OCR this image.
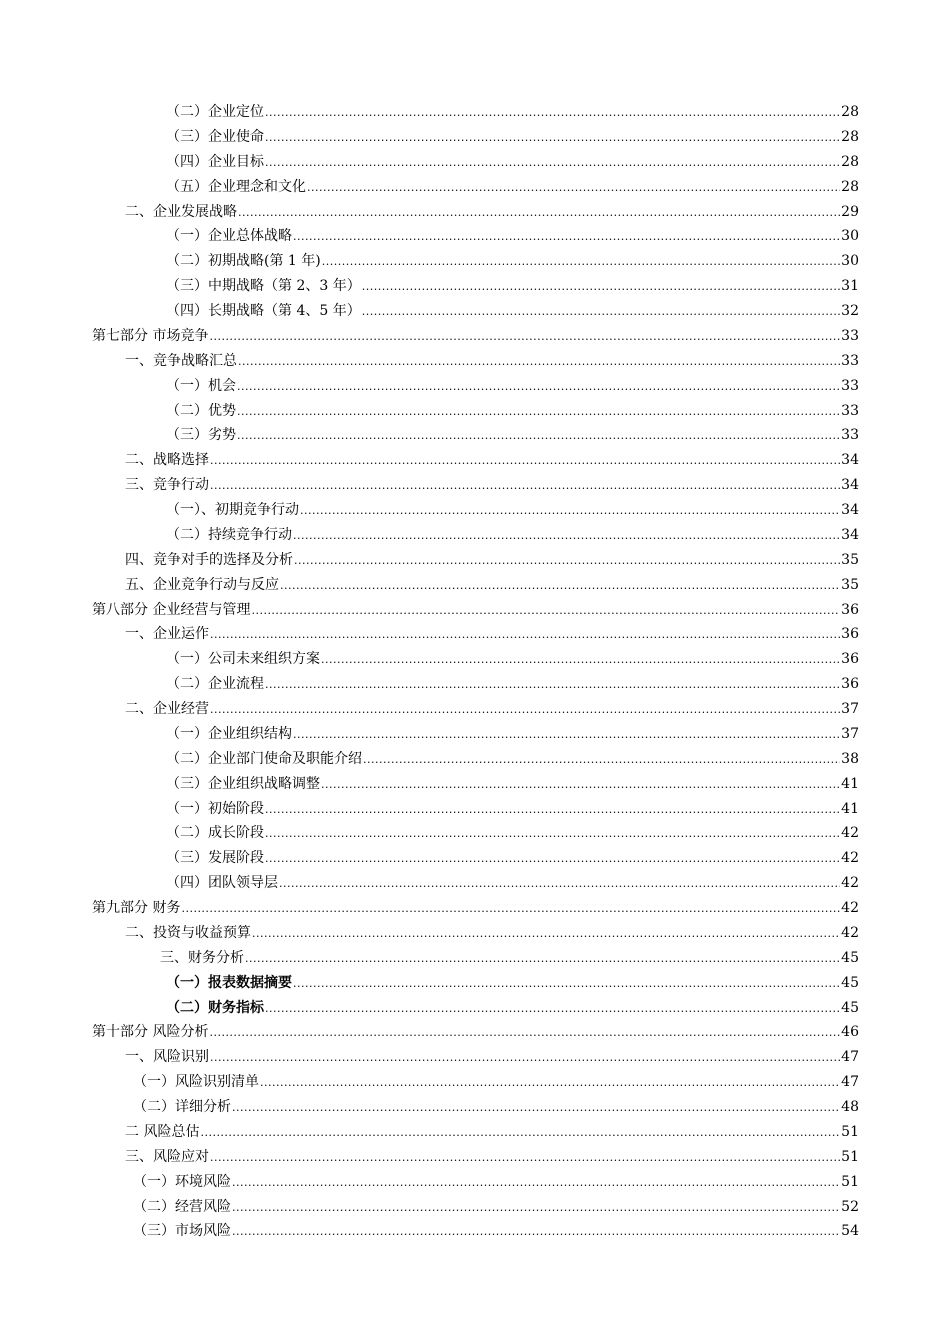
（二）企业定位 .....	28
（三）企业使命 .....	28
（四）企业目标 .....	28
（五）企业理念和文化 .....	28
二、企业发展战略 .....	29
（一）企业总体战略 .....	30
（二）初期战略(第 1 年) .....	30
（三）中期战略（第 2、3 年） .....	31
（四）长期战略（第 4、5 年） .....	32
第七部分 市场竞争 .....	33
一、竞争战略汇总 .....	33
（一）机会 .....	33
（二）优势 .....	33
（三）劣势 .....	33
二、战略选择 .....	34
三、竞争行动 .....	34
（一）、初期竞争行动 .....	34
（二）持续竞争行动 .....	34
四、竞争对手的选择及分析 .....	35
五、企业竞争行动与反应 .....	35
第八部分 企业经营与管理 .....	36
一、企业运作 .....	36
（一）公司未来组织方案 .....	36
（二）企业流程 .....	36
二、企业经营 .....	37
（一）企业组织结构 .....	37
（二）企业部门使命及职能介绍 .....	38
（三）企业组织战略调整 .....	41
（一）初始阶段 .....	41
（二）成长阶段 .....	42
（三）发展阶段 .....	42
（四）团队领导层 .....	42
第九部分 财务 .....	42
二、投资与收益预算 .....	42
三、财务分析 .....	45
（一）报表数据摘要 .....	45
（二）财务指标 .....	45
第十部分 风险分析 .....	46
一、风险识别 .....	47
（一）风险识别清单 .....	47
（二）详细分析 .....	48
二 风险总估 .....	51
三、风险应对 .....	51
（一）环境风险 .....	51
（二）经营风险 .....	52
（三）市场风险 .....	54
